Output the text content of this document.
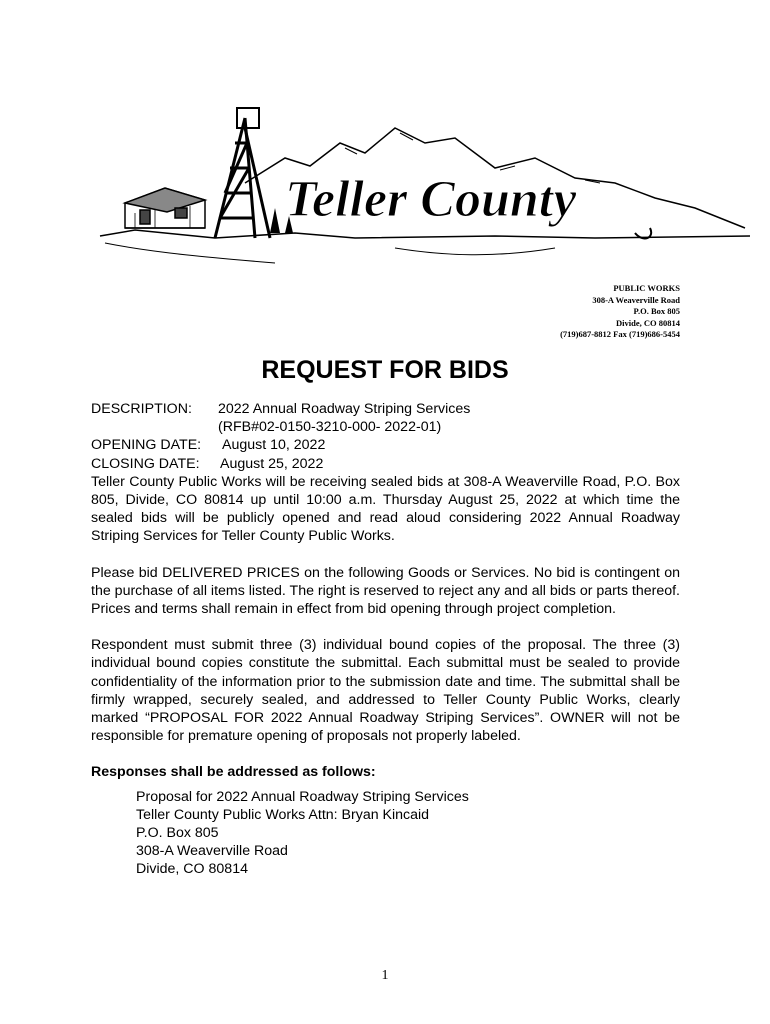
Teller County
PUBLIC WORKS
308-A Weaverville Road
P.O. Box 805
Divide, CO 80814
(719)687-8812 Fax (719)686-5454
REQUEST FOR BIDS
DESCRIPTION: 2022 Annual Roadway Striping Services
(RFB#02-0150-3210-000- 2022-01)
OPENING DATE: August 10, 2022
CLOSING DATE: August 25, 2022

Teller County Public Works will be receiving sealed bids at 308-A Weaverville Road, P.O. Box 805, Divide, CO 80814 up until 10:00 a.m. Thursday August 25, 2022 at which time the sealed bids will be publicly opened and read aloud considering 2022 Annual Roadway Striping Services for Teller County Public Works.

Please bid DELIVERED PRICES on the following Goods or Services. No bid is contingent on the purchase of all items listed. The right is reserved to reject any and all bids or parts thereof. Prices and terms shall remain in effect from bid opening through project completion.

Respondent must submit three (3) individual bound copies of the proposal. The three (3) individual bound copies constitute the submittal. Each submittal must be sealed to provide confidentiality of the information prior to the submission date and time. The submittal shall be firmly wrapped, securely sealed, and addressed to Teller County Public Works, clearly marked “PROPOSAL FOR 2022 Annual Roadway Striping Services”. OWNER will not be responsible for premature opening of proposals not properly labeled.

Responses shall be addressed as follows:
Proposal for 2022 Annual Roadway Striping Services
Teller County Public Works Attn: Bryan Kincaid
P.O. Box 805
308-A Weaverville Road
Divide, CO 80814
1
